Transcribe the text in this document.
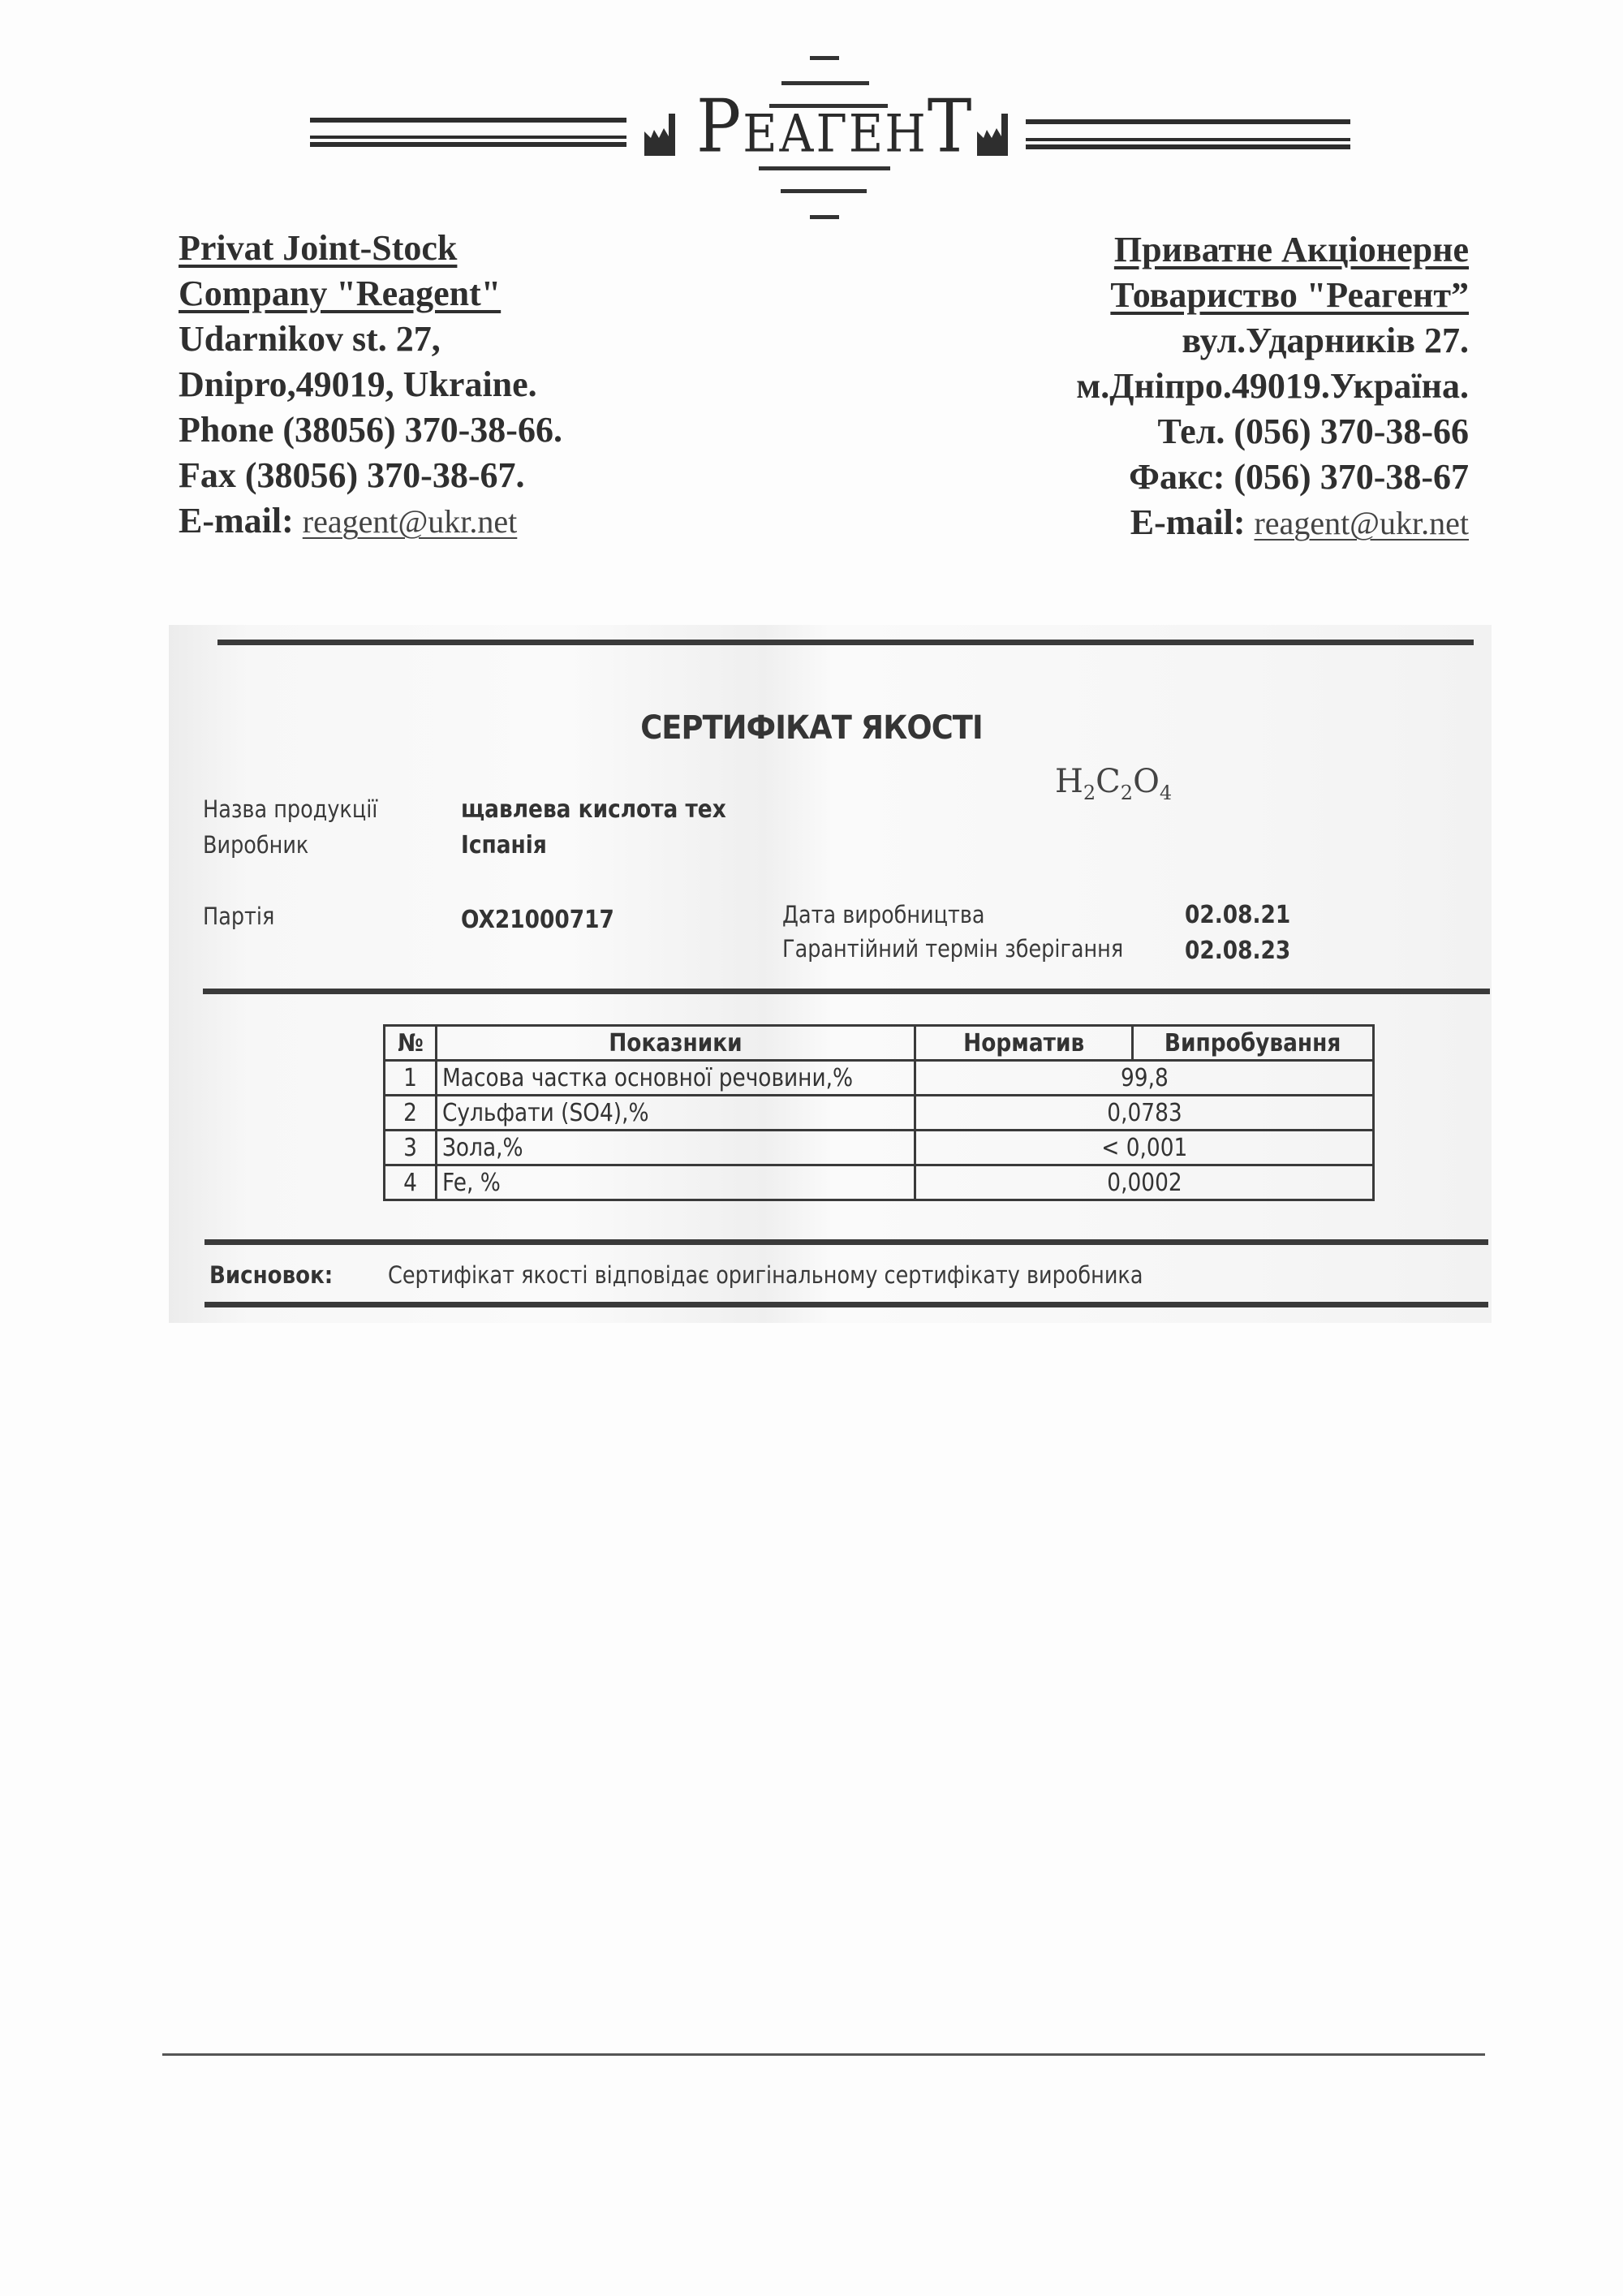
РЕАГЕНТ
Privat Joint-Stock
Company "Reagent"
Udarnikov st. 27,
Dnipro,49019, Ukraine.
Phone (38056) 370-38-66.
Fax (38056) 370-38-67.
E-mail: reagent@ukr.net
Приватне Акціонерне
Товариство "Реагент”
вул.Ударників 27.
м.Дніпро.49019.Україна.
Тел. (056) 370-38-66
Факс: (056) 370-38-67
E-mail: reagent@ukr.net
СЕРТИФІКАТ ЯКОСТІ
$H_2C_2O_4$
Назва продукції	щавлева кислота тех
Виробник	Іспанія
Партія	OX21000717	Дата виробництва	02.08.21
Гарантійний термін зберігання	02.08.23
№	Показники	Норматив	Випробування
1	Масова частка основної речовини,%	99,8	
2	Сульфати (SO4),%	0,0783	
3	Зола,%	< 0,001	
4	Fe, %	0,0002	
Висновок: Сертифікат якості відповідає оригінальному сертифікату виробника
